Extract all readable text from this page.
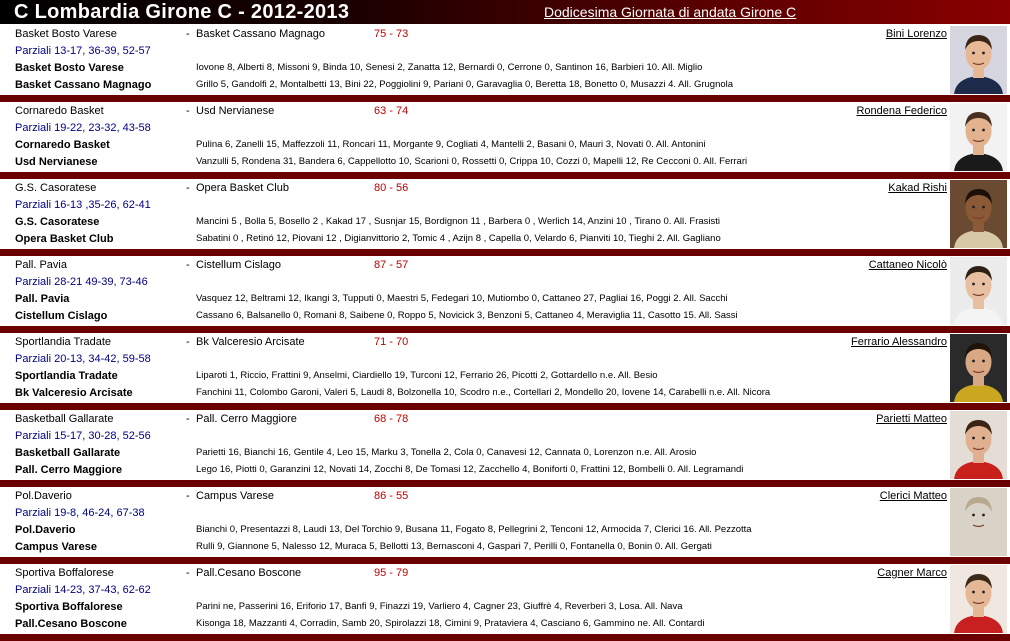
C Lombardia Girone C - 2012-2013	Dodicesima Giornata di andata Girone C
Basket Bosto Varese	- Basket Cassano Magnago	75 - 73
Parziali 13-17, 36-39, 52-57
Basket Bosto Varese	Iovone 8, Alberti 8, Missoni 9, Binda 10, Senesi 2, Zanatta 12, Bernardi 0, Cerrone 0, Santinon 16, Barbieri 10. All. Miglio
Basket Cassano Magnago	Grillo 5, Gandolfi 2, Montalbetti 13, Bini 22, Poggiolini 9, Pariani 0, Garavaglia 0, Beretta 18, Bonetto 0, Musazzi 4. All. Grugnola
Bini Lorenzo
Cornaredo Basket	- Usd Nervianese	63 - 74
Parziali 19-22, 23-32, 43-58
Cornaredo Basket	Pulina 6, Zanelli 15, Maffezzoli 11, Roncari 11, Morgante 9, Cogliati 4, Mantelli 2, Basani 0, Mauri 3, Novati 0. All. Antonini
Usd Nervianese	Vanzulli 5, Rondena 31, Bandera 6, Cappellotto 10, Scarioni 0, Rossetti 0, Crippa 10, Cozzi 0, Mapelli 12, Re Cecconi 0. All. Ferrari
Rondena Federico
G.S. Casoratese	- Opera Basket Club	80 - 56
Parziali 16-13 ,35-26, 62-41
G.S. Casoratese	Mancini 5 , Bolla 5, Bosello 2 , Kakad 17 , Susnjar 15, Bordignon 11 , Barbera 0 , Werlich 14, Anzini 10 , Tirano 0. All. Frasisti
Opera Basket Club	Sabatini 0 , Retinó 12, Piovani 12 , Digianvittorio 2, Tomic 4 , Azijn 8 , Capella 0, Velardo 6, Pianviti 10, Tieghi 2. All. Gagliano
Kakad Rishi
Pall. Pavia	- Cistellum Cislago	87 - 57
Parziali 28-21 49-39, 73-46
Pall. Pavia	Vasquez 12, Beltrami 12, Ikangi 3, Tupputi 0, Maestri 5, Fedegari 10, Mutiombo 0, Cattaneo 27, Pagliai 16, Poggi 2. All. Sacchi
Cistellum Cislago	Cassano 6, Balsanello 0, Romani 8, Saibene 0, Roppo 5, Novicick 3, Benzoni 5, Cattaneo 4, Meraviglia 11, Casotto 15. All. Sassi
Cattaneo Nicolò
Sportlandia Tradate	- Bk Valceresio Arcisate	71 - 70
Parziali 20-13, 34-42, 59-58
Sportlandia Tradate	Liparoti 1, Riccio, Frattini 9, Anselmi, Ciardiello 19, Turconi 12, Ferrario 26, Picotti 2, Gottardello n.e. All. Besio
Bk Valceresio Arcisate	Fanchini 11, Colombo Garoni, Valeri 5, Laudi 8, Bolzonella 10, Scodro n.e., Cortellari 2, Mondello 20, Iovene 14, Carabelli n.e. All. Nicora
Ferrario Alessandro
Basketball Gallarate	- Pall. Cerro Maggiore	68 - 78
Parziali 15-17, 30-28, 52-56
Basketball Gallarate	Parietti 16, Bianchi 16, Gentile 4, Leo 15, Marku 3, Tonella 2, Cola 0, Canavesi 12, Cannata 0, Lorenzon n.e. All. Arosio
Pall. Cerro Maggiore	Lego 16, Piotti 0, Garanzini 12, Novati 14, Zocchi 8, De Tomasi 12, Zacchello 4, Boniforti 0, Frattini 12, Bombelli 0. All. Legramandi
Parietti Matteo
Pol.Daverio	- Campus Varese	86 - 55
Parziali 19-8, 46-24, 67-38
Pol.Daverio	Bianchi 0, Presentazzi 8, Laudi 13, Del Torchio 9, Busana 11, Fogato 8, Pellegrini 2, Tenconi 12, Armocida 7, Clerici 16. All. Pezzotta
Campus Varese	Rulli 9, Giannone 5, Nalesso 12, Muraca 5, Bellotti 13, Bernasconi 4, Gaspari 7, Perilli 0, Fontanella 0, Bonin 0. All. Gergati
Clerici Matteo
Sportiva Boffalorese	- Pall.Cesano Boscone	95 - 79
Parziali 14-23, 37-43, 62-62
Sportiva Boffalorese	Parini ne, Passerini 16, Eriforio 17, Banfi 9, Finazzi 19, Varliero 4, Cagner 23, Giuffrè 4, Reverberi 3, Losa. All. Nava
Pall.Cesano Boscone	Kisonga 18, Mazzanti 4, Corradin, Samb 20, Spirolazzi 18, Cimini 9, Prataviera 4, Casciano 6, Gammino ne. All. Contardi
Cagner Marco
